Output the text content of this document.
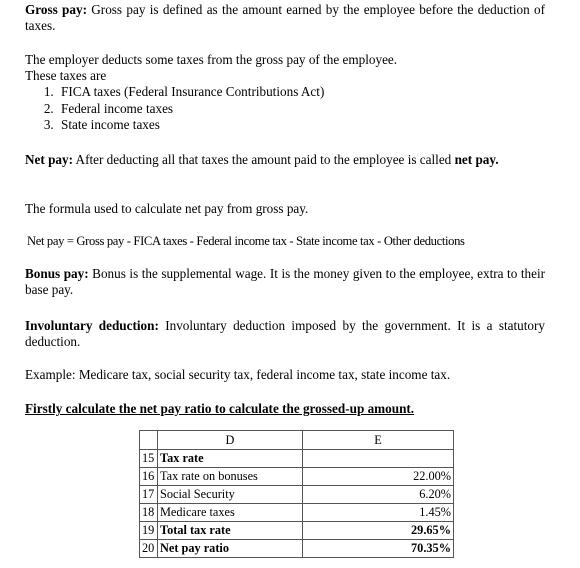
Gross pay: Gross pay is defined as the amount earned by the employee before the deduction of taxes.

The employer deducts some taxes from the gross pay of the employee.

These taxes are

1. FICA taxes (Federal Insurance Contributions Act)
2. Federal income taxes
3. State income taxes

Net pay: After deducting all that taxes the amount paid to the employee is called net pay.

The formula used to calculate net pay from gross pay.

Net pay = Gross pay - FICA taxes - Federal income tax - State income tax - Other deductions

Bonus pay: Bonus is the supplemental wage. It is the money given to the employee, extra to their base pay.

Involuntary deduction: Involuntary deduction imposed by the government. It is a statutory deduction.

Example: Medicare tax, social security tax, federal income tax, state income tax.

Firstly calculate the net pay ratio to calculate the grossed-up amount.

	D	E
15	Tax rate	
16	Tax rate on bonuses	22.00%
17	Social Security	6.20%
18	Medicare taxes	1.45%
19	Total tax rate	29.65%
20	Net pay ratio	70.35%
